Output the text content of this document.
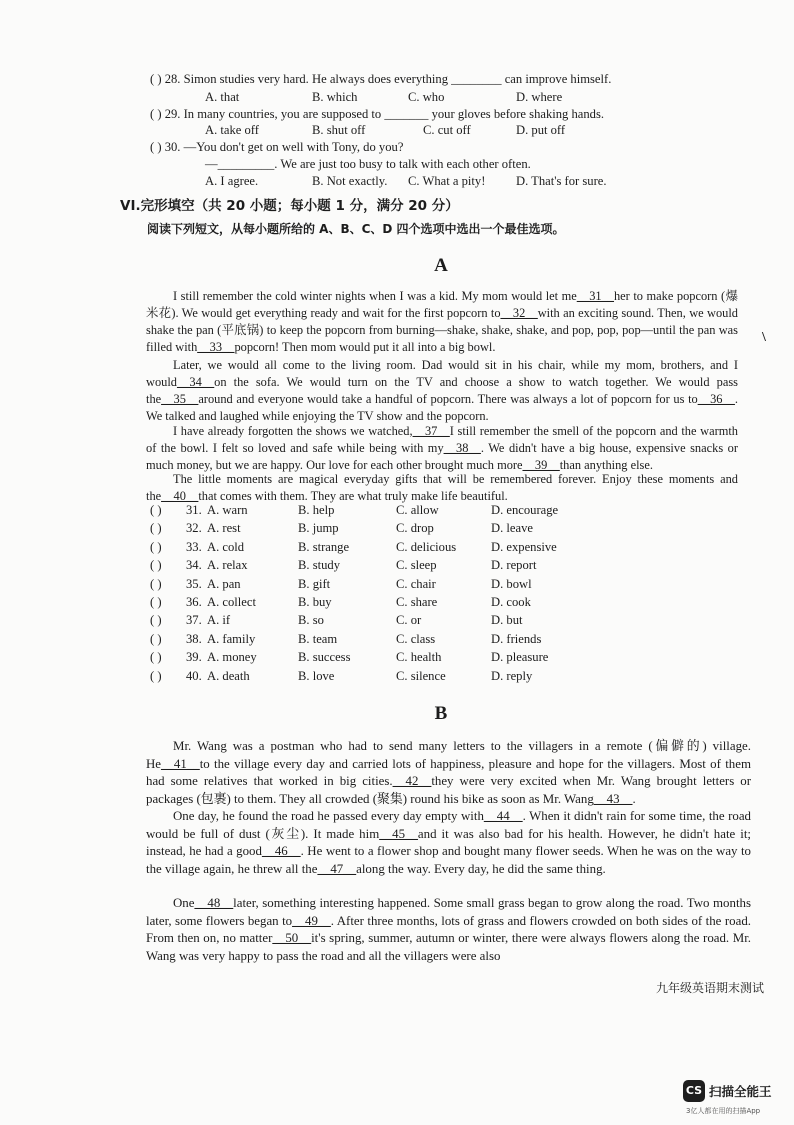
( ) 28. Simon studies very hard. He always does everything ________ can improve himself.
A. that	B. which	C. who	D. where
( ) 29. In many countries, you are supposed to _______ your gloves before shaking hands.
A. take off	B. shut off	C. cut off	D. put off
( ) 30. —You don't get on well with Tony, do you?
—_________. We are just too busy to talk with each other often.
A. I agree.	B. Not exactly. C. What a pity! D. That's for sure.
VI.完形填空（共 20 小题；每小题 1 分，满分 20 分）
阅读下列短文，从每小题所给的 A、B、C、D 四个选项中选出一个最佳选项。
A

I still remember the cold winter nights when I was a kid. My mom would let me__31__her to make popcorn (爆米花). We would get everything ready and wait for the first popcorn to__32__with an exciting sound. Then, we would shake the pan (平底锅) to keep the popcorn from burning—shake, shake, shake, and pop, pop, pop—until the pan was filled with__33__popcorn! Then mom would put it all into a big bowl.

Later, we would all come to the living room. Dad would sit in his chair, while my mom, brothers, and I would__34__on the sofa. We would turn on the TV and choose a show to watch together. We would pass the__35__around and everyone would take a handful of popcorn. There was always a lot of popcorn for us to__36__. We talked and laughed while enjoying the TV show and the popcorn.

I have already forgotten the shows we watched,__37__I still remember the smell of the popcorn and the warmth of the bowl. I felt so loved and safe while being with my__38__. We didn't have a big house, expensive snacks or much money, but we are happy. Our love for each other brought much more__39__than anything else.

The little moments are magical everyday gifts that will be remembered forever. Enjoy these moments and the__40__that comes with them. They are what truly make life beautiful.

\
( ) 31. A. warn	B. help	C. allow	D. encourage
( ) 32. A. rest	B. jump	C. drop	D. leave
( ) 33. A. cold	B. strange	C. delicious	D. expensive
( ) 34. A. relax	B. study	C. sleep	D. report
( ) 35. A. pan	B. gift	C. chair	D. bowl
( ) 36. A. collect	B. buy	C. share	D. cook
( ) 37. A. if	B. so	C. or	D. but
( ) 38. A. family	B. team	C. class	D. friends
( ) 39. A. money	B. success	C. health	D. pleasure
( ) 40. A. death	B. love	C. silence	D. reply
B

Mr. Wang was a postman who had to send many letters to the villagers in a remote (偏僻的) village. He__41__to the village every day and carried lots of happiness, pleasure and hope for the villagers. Most of them had some relatives that worked in big cities.__42__they were very excited when Mr. Wang brought letters or packages (包裹) to them. They all crowded (聚集) round his bike as soon as Mr. Wang__43__.

One day, he found the road he passed every day empty with__44__. When it didn't rain for some time, the road would be full of dust (灰尘). It made him__45__and it was also bad for his health. However, he didn't hate it; instead, he had a good__46__. He went to a flower shop and bought many flower seeds. When he was on the way to the village again, he threw all the__47__along the way. Every day, he did the same thing.

One__48__later, something interesting happened. Some small grass began to grow along the road. Two months later, some flowers began to__49__. After three months, lots of grass and flowers crowded on both sides of the road. From then on, no matter__50__it's spring, summer, autumn or winter, there were always flowers along the road. Mr. Wang was very happy to pass the road and all the villagers were also

九年级英语期末测试
CS 扫描全能王
3亿人都在用的扫描App
